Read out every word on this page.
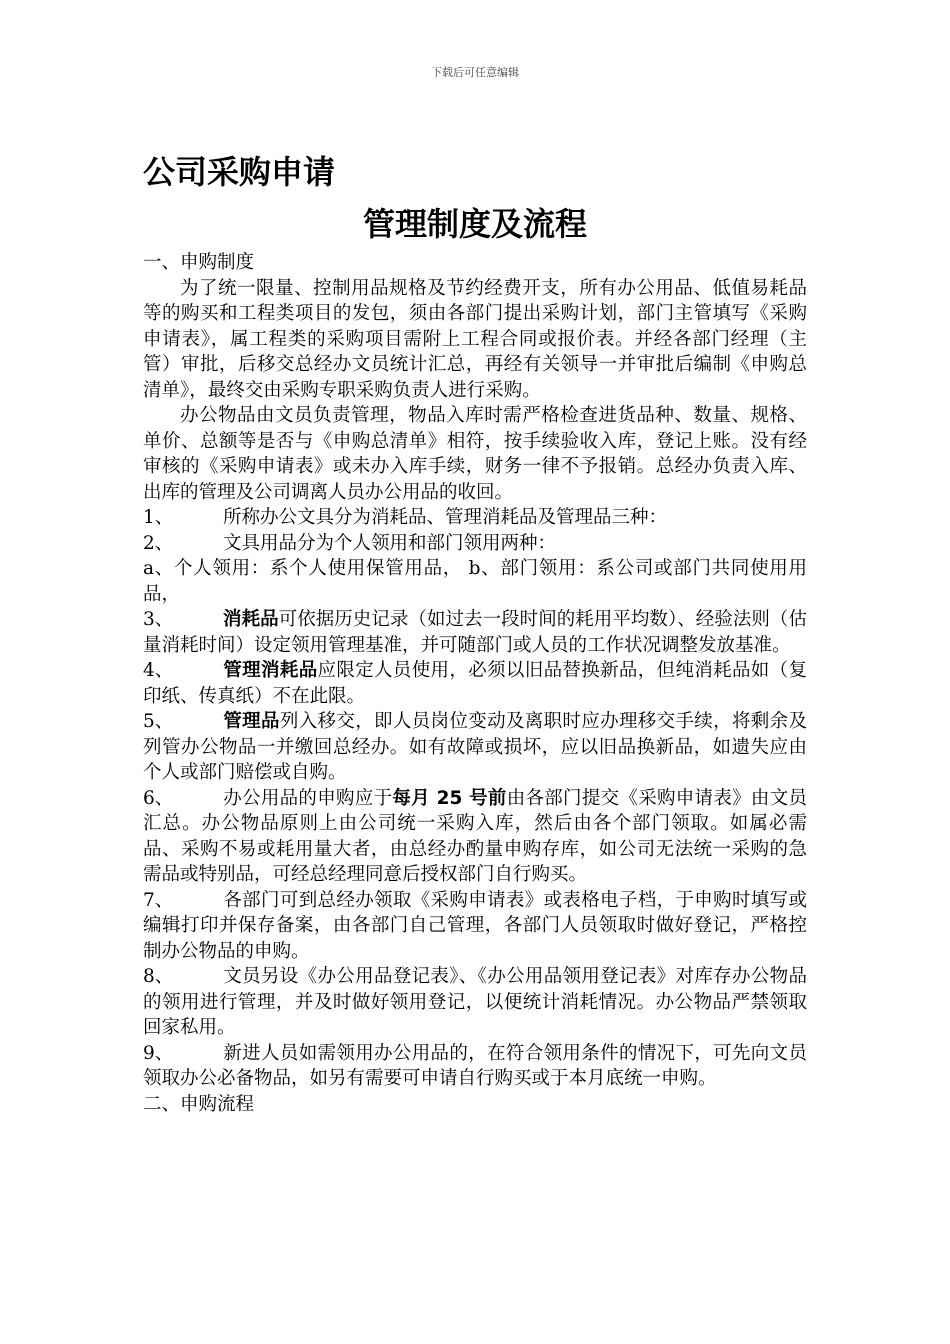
下载后可任意编辑
公司采购申请
管理制度及流程

一、申购制度

为了统一限量、控制用品规格及节约经费开支，所有办公用品、低值易耗品等的购买和工程类项目的发包，须由各部门提出采购计划，部门主管填写《采购申请表》，属工程类的采购项目需附上工程合同或报价表。并经各部门经理（主管）审批，后移交总经办文员统计汇总，再经有关领导一并审批后编制《申购总清单》，最终交由采购专职采购负责人进行采购。

办公物品由文员负责管理，物品入库时需严格检查进货品种、数量、规格、单价、总额等是否与《申购总清单》相符，按手续验收入库，登记上账。没有经审核的《采购申请表》或未办入库手续，财务一律不予报销。总经办负责入库、出库的管理及公司调离人员办公用品的收回。

1、	所称办公文具分为消耗品、管理消耗品及管理品三种：

2、	文具用品分为个人领用和部门领用两种：

a、个人领用：系个人使用保管用品， b、部门领用：系公司或部门共同使用用品，

3、	消耗品可依据历史记录（如过去一段时间的耗用平均数）、经验法则（估量消耗时间）设定领用管理基准，并可随部门或人员的工作状况调整发放基准。

4、	管理消耗品应限定人员使用，必须以旧品替换新品，但纯消耗品如（复印纸、传真纸）不在此限。

5、	管理品列入移交，即人员岗位变动及离职时应办理移交手续，将剩余及列管办公物品一并缴回总经办。如有故障或损坏，应以旧品换新品，如遗失应由个人或部门赔偿或自购。

6、	办公用品的申购应于每月 25 号前由各部门提交《采购申请表》由文员汇总。办公物品原则上由公司统一采购入库，然后由各个部门领取。如属必需品、采购不易或耗用量大者，由总经办酌量申购存库，如公司无法统一采购的急需品或特别品，可经总经理同意后授权部门自行购买。

7、	各部门可到总经办领取《采购申请表》或表格电子档，于申购时填写或编辑打印并保存备案，由各部门自己管理，各部门人员领取时做好登记，严格控制办公物品的申购。

8、	文员另设《办公用品登记表》、《办公用品领用登记表》对库存办公物品的领用进行管理，并及时做好领用登记，以便统计消耗情况。办公物品严禁领取回家私用。

9、	新进人员如需领用办公用品的，在符合领用条件的情况下，可先向文员领取办公必备物品，如另有需要可申请自行购买或于本月底统一申购。

二、申购流程
